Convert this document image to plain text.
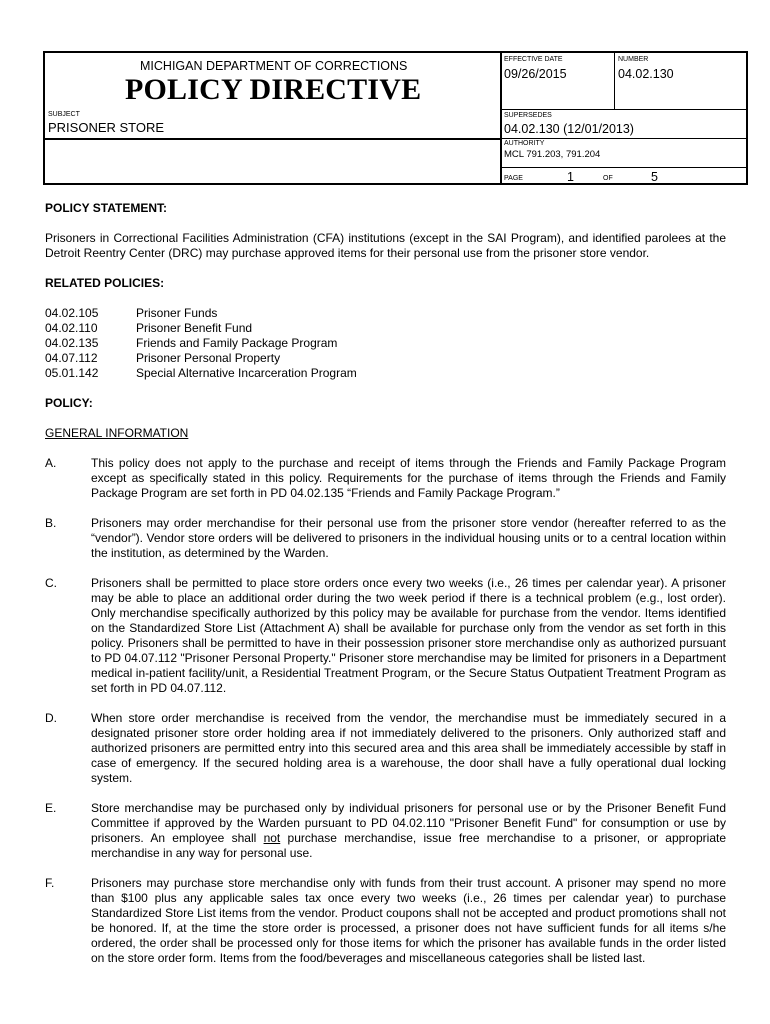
MICHIGAN DEPARTMENT OF CORRECTIONS
POLICY DIRECTIVE
SUBJECT
PRISONER STORE
EFFECTIVE DATE
09/26/2015
NUMBER
04.02.130
SUPERSEDES
04.02.130 (12/01/2013)
AUTHORITY
MCL 791.203, 791.204
PAGE	1	OF	5

POLICY STATEMENT:

Prisoners in Correctional Facilities Administration (CFA) institutions (except in the SAI Program), and identified parolees at the Detroit Reentry Center (DRC) may purchase approved items for their personal use from the prisoner store vendor.

RELATED POLICIES:

04.02.105	Prisoner Funds
04.02.110	Prisoner Benefit Fund
04.02.135	Friends and Family Package Program
04.07.112	Prisoner Personal Property
05.01.142	Special Alternative Incarceration Program

POLICY:

GENERAL INFORMATION

A.	This policy does not apply to the purchase and receipt of items through the Friends and Family Package Program except as specifically stated in this policy. Requirements for the purchase of items through the Friends and Family Package Program are set forth in PD 04.02.135 “Friends and Family Package Program.”
B.	Prisoners may order merchandise for their personal use from the prisoner store vendor (hereafter referred to as the “vendor”). Vendor store orders will be delivered to prisoners in the individual housing units or to a central location within the institution, as determined by the Warden.
C.	Prisoners shall be permitted to place store orders once every two weeks (i.e., 26 times per calendar year). A prisoner may be able to place an additional order during the two week period if there is a technical problem (e.g., lost order). Only merchandise specifically authorized by this policy may be available for purchase from the vendor. Items identified on the Standardized Store List (Attachment A) shall be available for purchase only from the vendor as set forth in this policy. Prisoners shall be permitted to have in their possession prisoner store merchandise only as authorized pursuant to PD 04.07.112 "Prisoner Personal Property." Prisoner store merchandise may be limited for prisoners in a Department medical in-patient facility/unit, a Residential Treatment Program, or the Secure Status Outpatient Treatment Program as set forth in PD 04.07.112.
D.	When store order merchandise is received from the vendor, the merchandise must be immediately secured in a designated prisoner store order holding area if not immediately delivered to the prisoners. Only authorized staff and authorized prisoners are permitted entry into this secured area and this area shall be immediately accessible by staff in case of emergency. If the secured holding area is a warehouse, the door shall have a fully operational dual locking system.
E.	Store merchandise may be purchased only by individual prisoners for personal use or by the Prisoner Benefit Fund Committee if approved by the Warden pursuant to PD 04.02.110 "Prisoner Benefit Fund" for consumption or use by prisoners. An employee shall not purchase merchandise, issue free merchandise to a prisoner, or appropriate merchandise in any way for personal use.
F.	Prisoners may purchase store merchandise only with funds from their trust account. A prisoner may spend no more than $100 plus any applicable sales tax once every two weeks (i.e., 26 times per calendar year) to purchase Standardized Store List items from the vendor. Product coupons shall not be accepted and product promotions shall not be honored. If, at the time the store order is processed, a prisoner does not have sufficient funds for all items s/he ordered, the order shall be processed only for those items for which the prisoner has available funds in the order listed on the store order form. Items from the food/beverages and miscellaneous categories shall be listed last.
